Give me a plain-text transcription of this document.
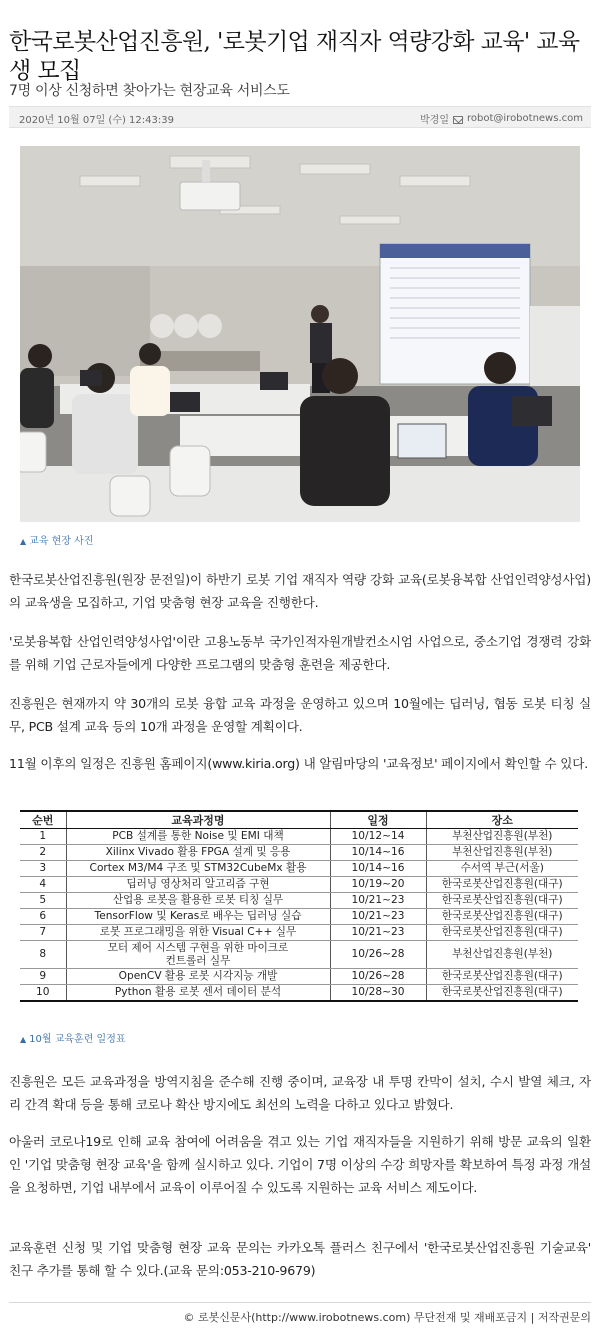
한국로봇산업진흥원, '로봇기업 재직자 역량강화 교육' 교육생 모집
7명 이상 신청하면 찾아가는 현장교육 서비스도
2020년 10월 07일 (수) 12:43:39	박경일 robot@irobotnews.com
▲ 교육 현장 사진

한국로봇산업진흥원(원장 문전일)이 하반기 로봇 기업 재직자 역량 강화 교육(로봇융복합 산업인력양성사업)의 교육생을 모집하고, 기업 맞춤형 현장 교육을 진행한다.

'로봇융복합 산업인력양성사업'이란 고용노동부 국가인적자원개발컨소시엄 사업으로, 중소기업 경쟁력 강화를 위해 기업 근로자들에게 다양한 프로그램의 맞춤형 훈련을 제공한다.

진흥원은 현재까지 약 30개의 로봇 융합 교육 과정을 운영하고 있으며 10월에는 딥러닝, 협동 로봇 티칭 실무, PCB 설계 교육 등의 10개 과정을 운영할 계획이다.

11월 이후의 일정은 진흥원 홈페이지(www.kiria.org) 내 알림마당의 '교육정보' 페이지에서 확인할 수 있다.

순번	교육과정명	일정	장소
1	PCB 설계를 통한 Noise 및 EMI 대책	10/12~14	부천산업진흥원(부천)
2	Xilinx Vivado 활용 FPGA 설계 및 응용	10/14~16	부천산업진흥원(부천)
3	Cortex M3/M4 구조 및 STM32CubeMx 활용	10/14~16	수서역 부근(서울)
4	딥러닝 영상처리 알고리즘 구현	10/19~20	한국로봇산업진흥원(대구)
5	산업용 로봇을 활용한 로봇 티칭 실무	10/21~23	한국로봇산업진흥원(대구)
6	TensorFlow 및 Keras로 배우는 딥러닝 실습	10/21~23	한국로봇산업진흥원(대구)
7	로봇 프로그래밍을 위한 Visual C++ 실무	10/21~23	한국로봇산업진흥원(대구)
8	모터 제어 시스템 구현을 위한 마이크로컨트롤러 실무	10/26~28	부천산업진흥원(부천)
9	OpenCV 활용 로봇 시각지능 개발	10/26~28	한국로봇산업진흥원(대구)
10	Python 활용 로봇 센서 데이터 분석	10/28~30	한국로봇산업진흥원(대구)
▲ 10월 교육훈련 일정표

진흥원은 모든 교육과정을 방역지침을 준수해 진행 중이며, 교육장 내 투명 칸막이 설치, 수시 발열 체크, 자리 간격 확대 등을 통해 코로나 확산 방지에도 최선의 노력을 다하고 있다고 밝혔다.

아울러 코로나19로 인해 교육 참여에 어려움을 겪고 있는 기업 재직자들을 지원하기 위해 방문 교육의 일환인 '기업 맞춤형 현장 교육'을 함께 실시하고 있다. 기업이 7명 이상의 수강 희망자를 확보하여 특정 과정 개설을 요청하면, 기업 내부에서 교육이 이루어질 수 있도록 지원하는 교육 서비스 제도이다.

교육훈련 신청 및 기업 맞춤형 현장 교육 문의는 카카오톡 플러스 친구에서 '한국로봇산업진흥원 기술교육' 친구 추가를 통해 할 수 있다.(교육 문의:053-210-9679)

© 로봇신문사(http://www.irobotnews.com) 무단전재 및 재배포금지 | 저작권문의
